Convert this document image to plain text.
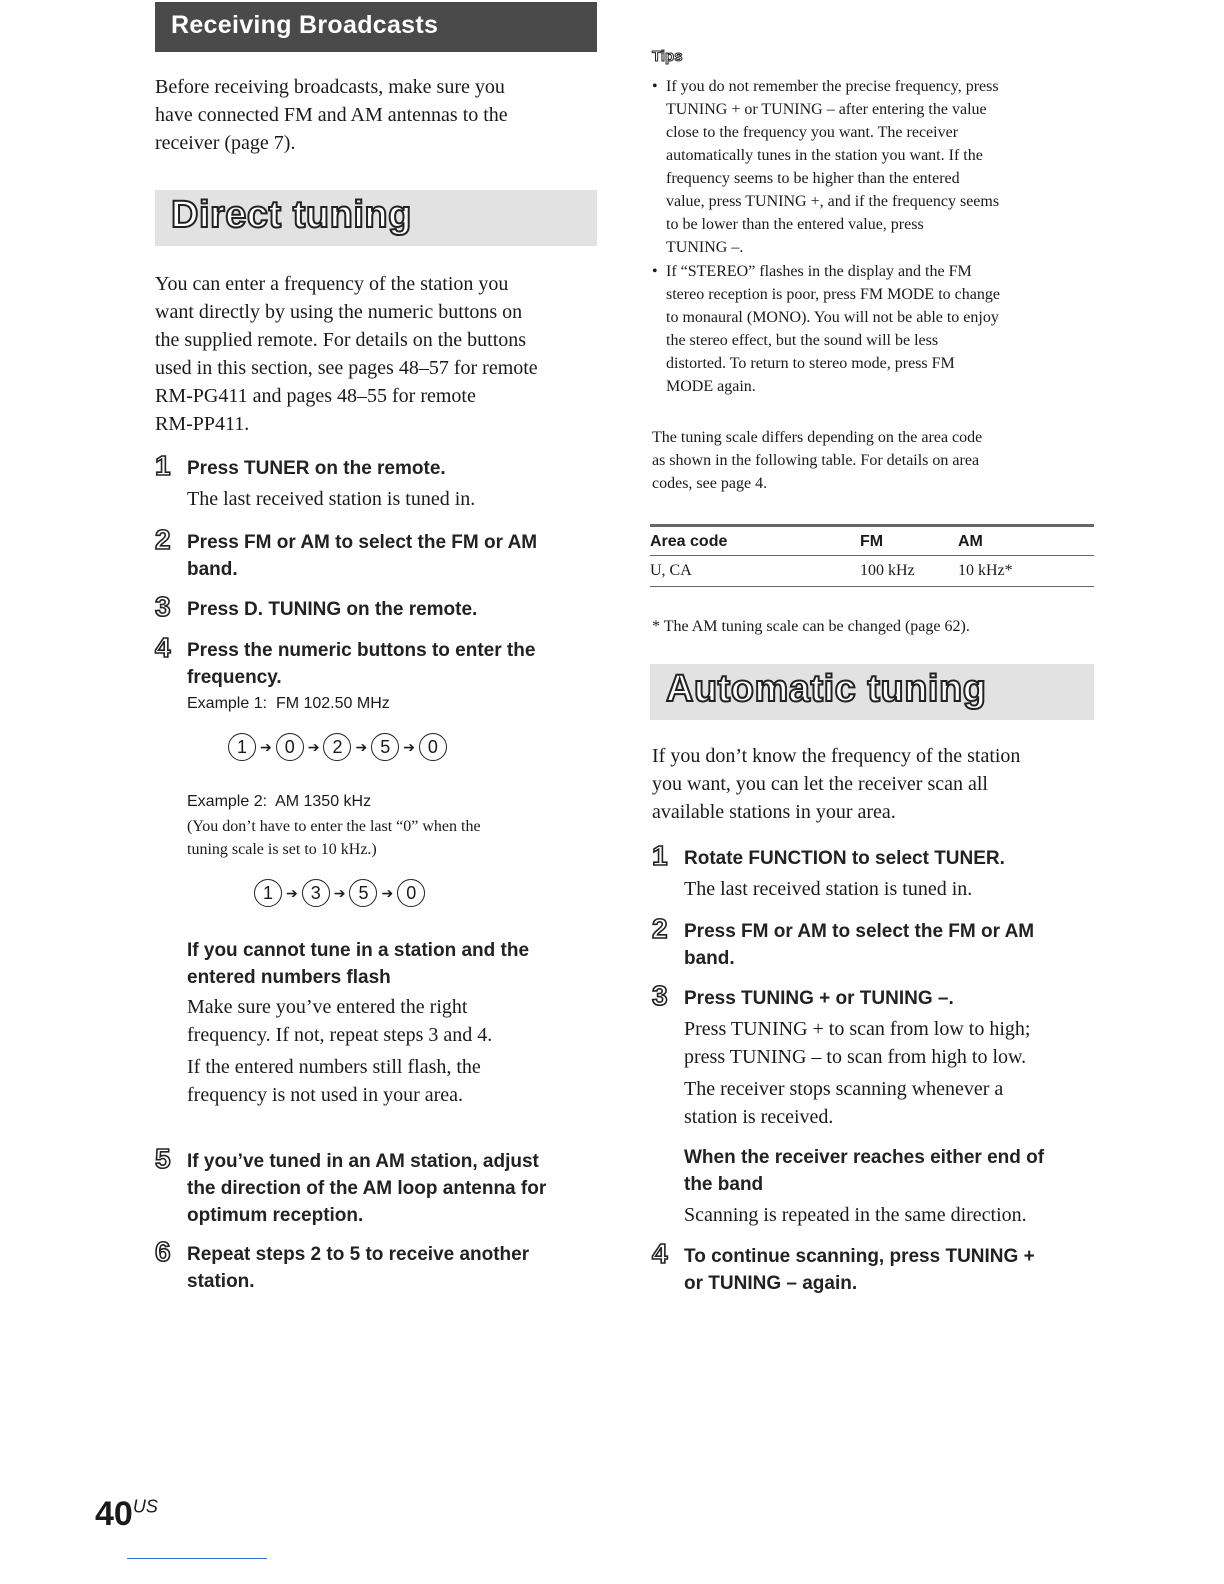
Receiving Broadcasts
Before receiving broadcasts, make sure you
have connected FM and AM antennas to the
receiver (page 7).
Direct tuning
You can enter a frequency of the station you
want directly by using the numeric buttons on
the supplied remote. For details on the buttons
used in this section, see pages 48–57 for remote
RM-PG411 and pages 48–55 for remote
RM-PP411.
1 Press TUNER on the remote.
The last received station is tuned in.
2 Press FM or AM to select the FM or AM
band.
3 Press D. TUNING on the remote.
4 Press the numeric buttons to enter the
frequency.
Example 1: FM 102.50 MHz
1 ➔ 0 ➔ 2 ➔ 5 ➔ 0
Example 2: AM 1350 kHz
(You don’t have to enter the last “0” when the
tuning scale is set to 10 kHz.)
1 ➔ 3 ➔ 5 ➔ 0
If you cannot tune in a station and the
entered numbers flash
Make sure you’ve entered the right
frequency. If not, repeat steps 3 and 4.
If the entered numbers still flash, the
frequency is not used in your area.
5 If you’ve tuned in an AM station, adjust
the direction of the AM loop antenna for
optimum reception.
6 Repeat steps 2 to 5 to receive another
station.
$40^{US}$
Tips
• If you do not remember the precise frequency, press
TUNING + or TUNING – after entering the value
close to the frequency you want. The receiver
automatically tunes in the station you want. If the
frequency seems to be higher than the entered
value, press TUNING +, and if the frequency seems
to be lower than the entered value, press
TUNING –.
• If “STEREO” flashes in the display and the FM
stereo reception is poor, press FM MODE to change
to monaural (MONO). You will not be able to enjoy
the stereo effect, but the sound will be less
distorted. To return to stereo mode, press FM
MODE again.
The tuning scale differs depending on the area code
as shown in the following table. For details on area
codes, see page 4.
Area code	FM	AM
U, CA	100 kHz	10 kHz*
* The AM tuning scale can be changed (page 62).
Automatic tuning
If you don’t know the frequency of the station
you want, you can let the receiver scan all
available stations in your area.
1 Rotate FUNCTION to select TUNER.
The last received station is tuned in.
2 Press FM or AM to select the FM or AM
band.
3 Press TUNING + or TUNING –.
Press TUNING + to scan from low to high;
press TUNING – to scan from high to low.
The receiver stops scanning whenever a
station is received.
When the receiver reaches either end of
the band
Scanning is repeated in the same direction.
4 To continue scanning, press TUNING +
or TUNING – again.
